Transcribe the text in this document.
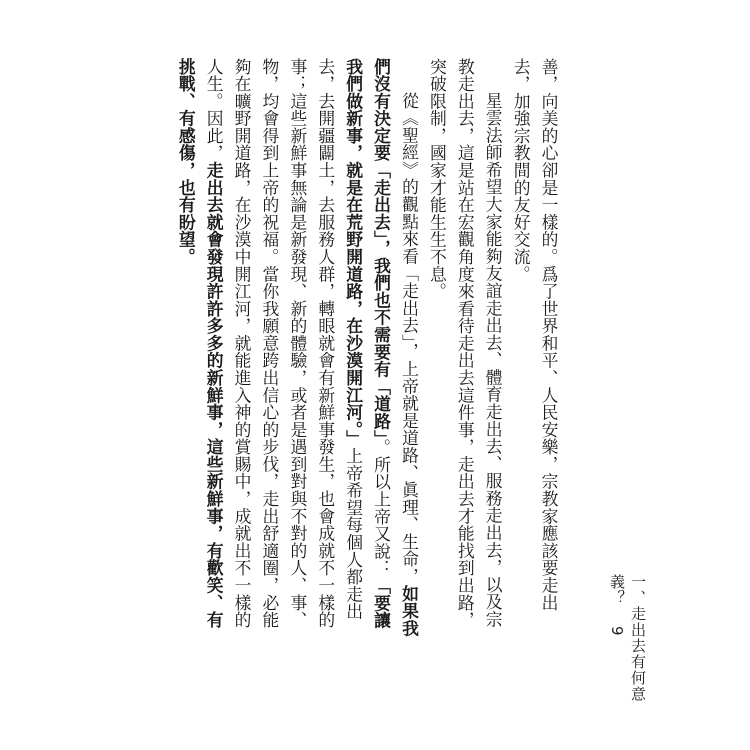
善，向美的心卻是一樣的。爲了世界和平、人民安樂，宗教家應該要走出去，加強宗教間的友好交流。

星雲法師希望大家能夠友誼走出去、體育走出去、服務走出去，以及宗教走出去，這是站在宏觀角度來看待走出去這件事，走出去才能找到出路，突破限制，國家才能生生不息。

從《聖經》的觀點來看「走出去」，上帝就是道路、眞理、生命，如果我們沒有決定要「走出去」，我們也不需要有「道路」。所以上帝又說：「要讓我們做新事，就是在荒野開道路，在沙漠開江河。」上帝希望每個人都走出去，去開疆闢土，去服務人群，轉眼就會有新鮮事發生，也會成就不一樣的事；這些新鮮事無論是新發現、新的體驗，或者是遇到對與不對的人、事、物，均會得到上帝的祝福。當你我願意跨出信心的步伐，走出舒適圈，必能夠在曠野開道路，在沙漠中開江河，就能進入神的賞賜中，成就出不一樣的人生。因此，走出去就會發現許許多多的新鮮事，這些新鮮事，有歡笑、有挑戰、有感傷，也有盼望。

一、走出去有何意義？ 9
